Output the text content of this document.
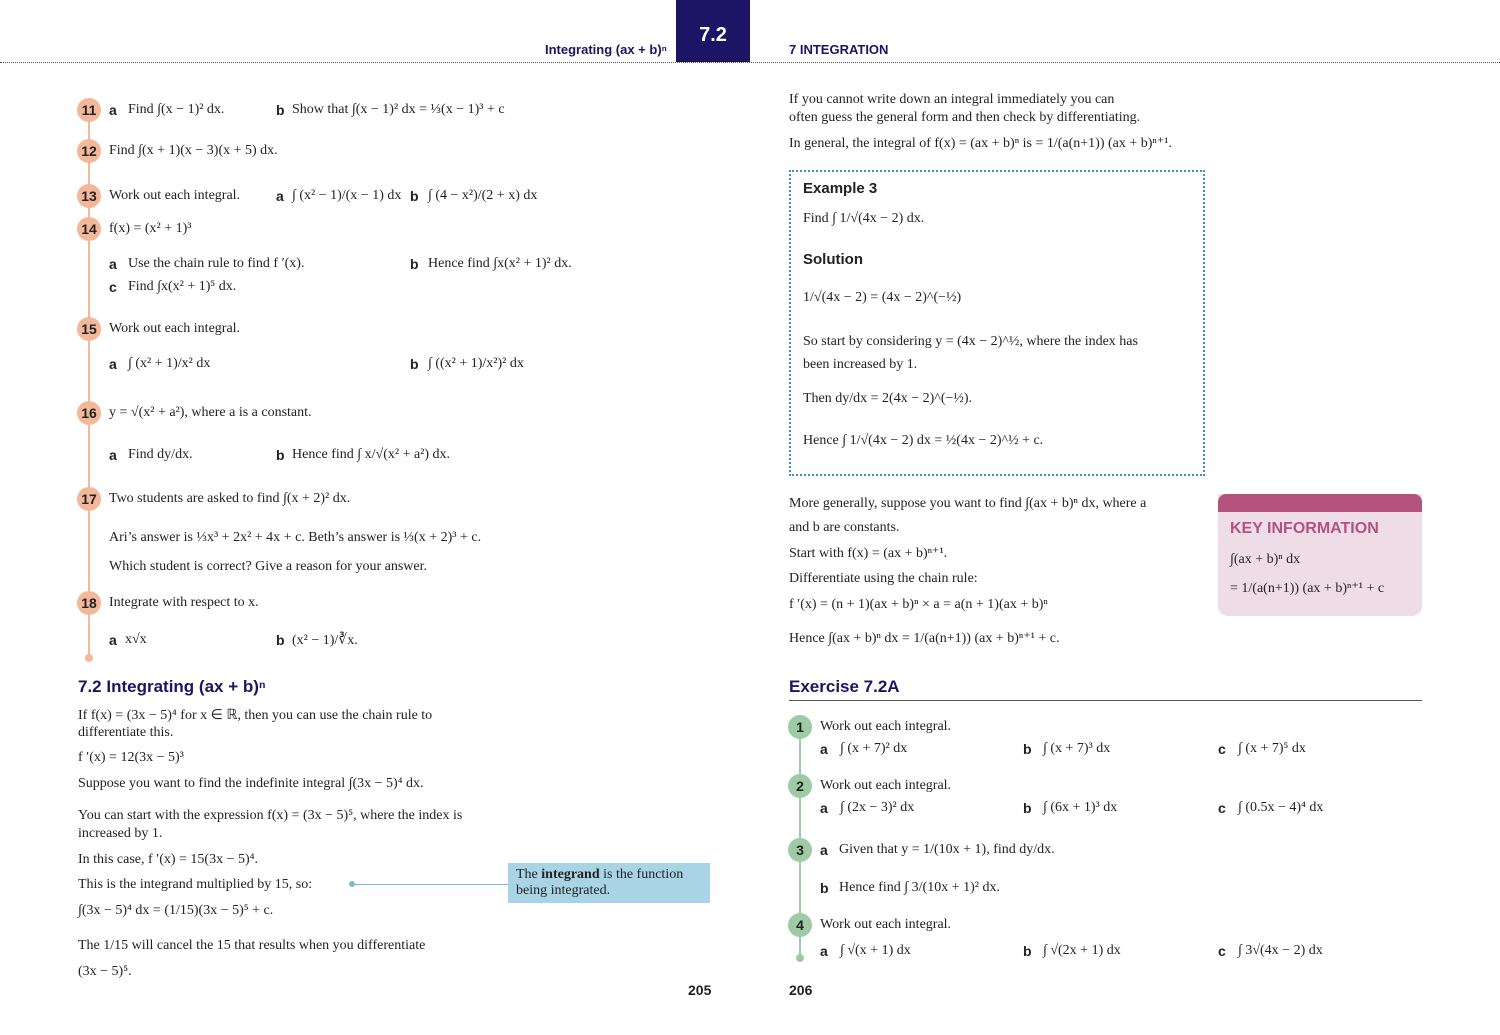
Integrating (ax + b)ⁿ
7.2
7 INTEGRATION
11 a Find ∫(x − 1)² dx.	b Show that ∫(x − 1)² dx = ⅓(x − 1)³ + c
12 Find ∫(x + 1)(x − 3)(x + 5) dx.
13 Work out each integral.	a ∫ (x² − 1)/(x − 1) dx b ∫ (4 − x²)/(2 + x) dx
14 f(x) = (x² + 1)³
a Use the chain rule to find f ′(x).	b Hence find ∫x(x² + 1)² dx.
c Find ∫x(x² + 1)⁵ dx.
15 Work out each integral.
a ∫ (x² + 1)/x² dx	b ∫ ((x² + 1)/x²)² dx
16 y = √(x² + a²), where a is a constant.
a Find dy/dx.	b Hence find ∫ x/√(x² + a²) dx.
17 Two students are asked to find ∫(x + 2)² dx.
Ari’s answer is ⅓x³ + 2x² + 4x + c. Beth’s answer is ⅓(x + 2)³ + c.
Which student is correct? Give a reason for your answer.
18 Integrate with respect to x.
a x√x	b (x² − 1)/∛x.
7.2 Integrating (ax + b)ⁿ
If f(x) = (3x − 5)⁴ for x ∈ ℝ, then you can use the chain rule to
differentiate this.
f ′(x) = 12(3x − 5)³
Suppose you want to find the indefinite integral ∫(3x − 5)⁴ dx.
You can start with the expression f(x) = (3x − 5)⁵, where the index is
increased by 1.
In this case, f ′(x) = 15(3x − 5)⁴.
This is the integrand multiplied by 15, so:
∫(3x − 5)⁴ dx = (1/15)(3x − 5)⁵ + c.
The 1/15 will cancel the 15 that results when you differentiate
(3x − 5)⁵.
The integrand is the function
being integrated.
205
If you cannot write down an integral immediately you can
often guess the general form and then check by differentiating.
In general, the integral of f(x) = (ax + b)ⁿ is = 1/(a(n+1)) (ax + b)ⁿ⁺¹.
Example 3
Find ∫ 1/√(4x − 2) dx.
Solution
1/√(4x − 2) = (4x − 2)^(−½)
So start by considering y = (4x − 2)^½, where the index has
been increased by 1.
Then dy/dx = 2(4x − 2)^(−½).
Hence ∫ 1/√(4x − 2) dx = ½(4x − 2)^½ + c.
More generally, suppose you want to find ∫(ax + b)ⁿ dx, where a
and b are constants.
Start with f(x) = (ax + b)ⁿ⁺¹.
Differentiate using the chain rule:
f ′(x) = (n + 1)(ax + b)ⁿ × a = a(n + 1)(ax + b)ⁿ
Hence ∫(ax + b)ⁿ dx = 1/(a(n+1)) (ax + b)ⁿ⁺¹ + c.
KEY INFORMATION
∫(ax + b)ⁿ dx
= 1/(a(n+1)) (ax + b)ⁿ⁺¹ + c
Exercise 7.2A
1	Work out each integral.
a ∫ (x + 7)² dx	b ∫ (x + 7)³ dx	c ∫ (x + 7)⁵ dx
2	Work out each integral.
a ∫ (2x − 3)² dx	b ∫ (6x + 1)³ dx	c ∫ (0.5x − 4)⁴ dx
3	a Given that y = 1/(10x + 1), find dy/dx.
b Hence find ∫ 3/(10x + 1)² dx.
4	Work out each integral.
a ∫ √(x + 1) dx	b ∫ √(2x + 1) dx	c ∫ 3√(4x − 2) dx
206
